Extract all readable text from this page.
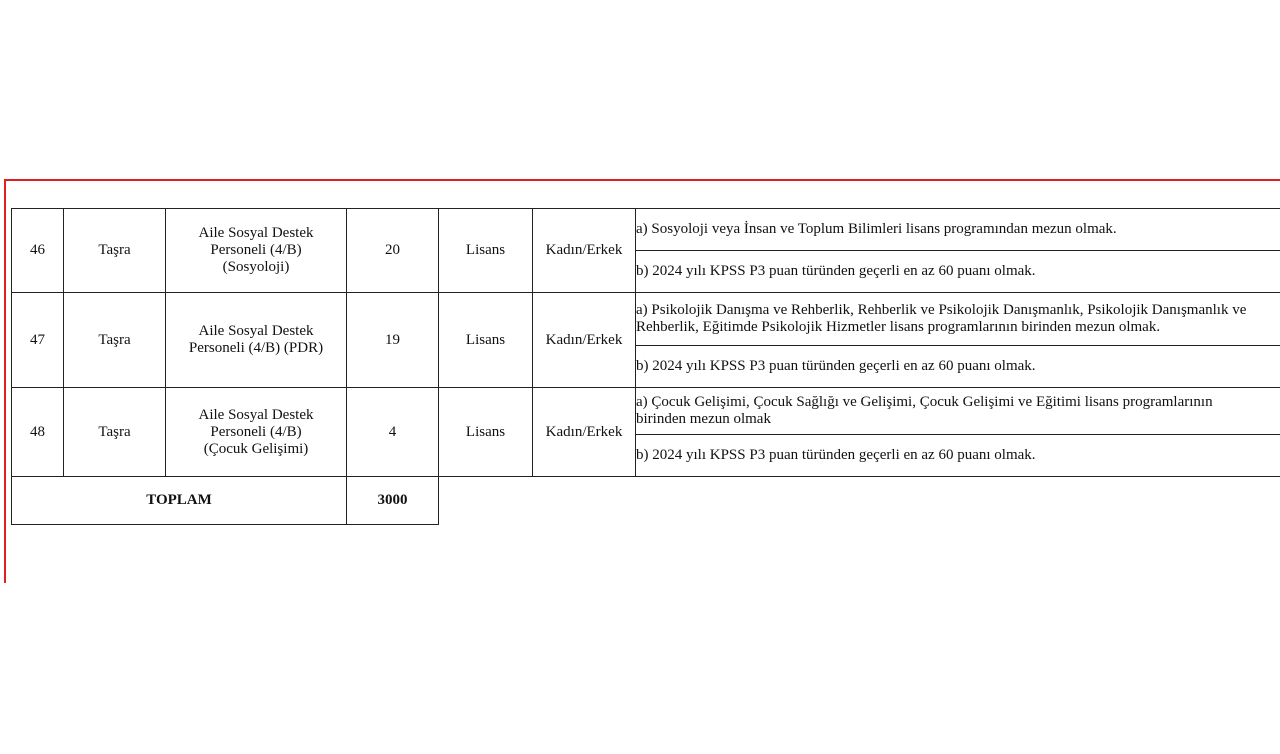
46	Taşra	Aile Sosyal Destek
Personeli (4/B)
(Sosyoloji)	20	Lisans	Kadın/Erkek	a) Sosyoloji veya İnsan ve Toplum Bilimleri lisans programından mezun olmak.
						b) 2024 yılı KPSS P3 puan türünden geçerli en az 60 puanı olmak.
47	Taşra	Aile Sosyal Destek
Personeli (4/B) (PDR)	19	Lisans	Kadın/Erkek	a) Psikolojik Danışma ve Rehberlik, Rehberlik ve Psikolojik Danışmanlık, Psikolojik Danışmanlık ve Rehberlik, Eğitimde Psikolojik Hizmetler lisans programlarının birinden mezun olmak.
						b) 2024 yılı KPSS P3 puan türünden geçerli en az 60 puanı olmak.
48	Taşra	Aile Sosyal Destek
Personeli (4/B)
(Çocuk Gelişimi)	4	Lisans	Kadın/Erkek	a) Çocuk Gelişimi, Çocuk Sağlığı ve Gelişimi, Çocuk Gelişimi ve Eğitimi lisans programlarının birinden mezun olmak

						b) 2024 yılı KPSS P3 puan türünden geçerli en az 60 puanı olmak.
TOPLAM			3000			
